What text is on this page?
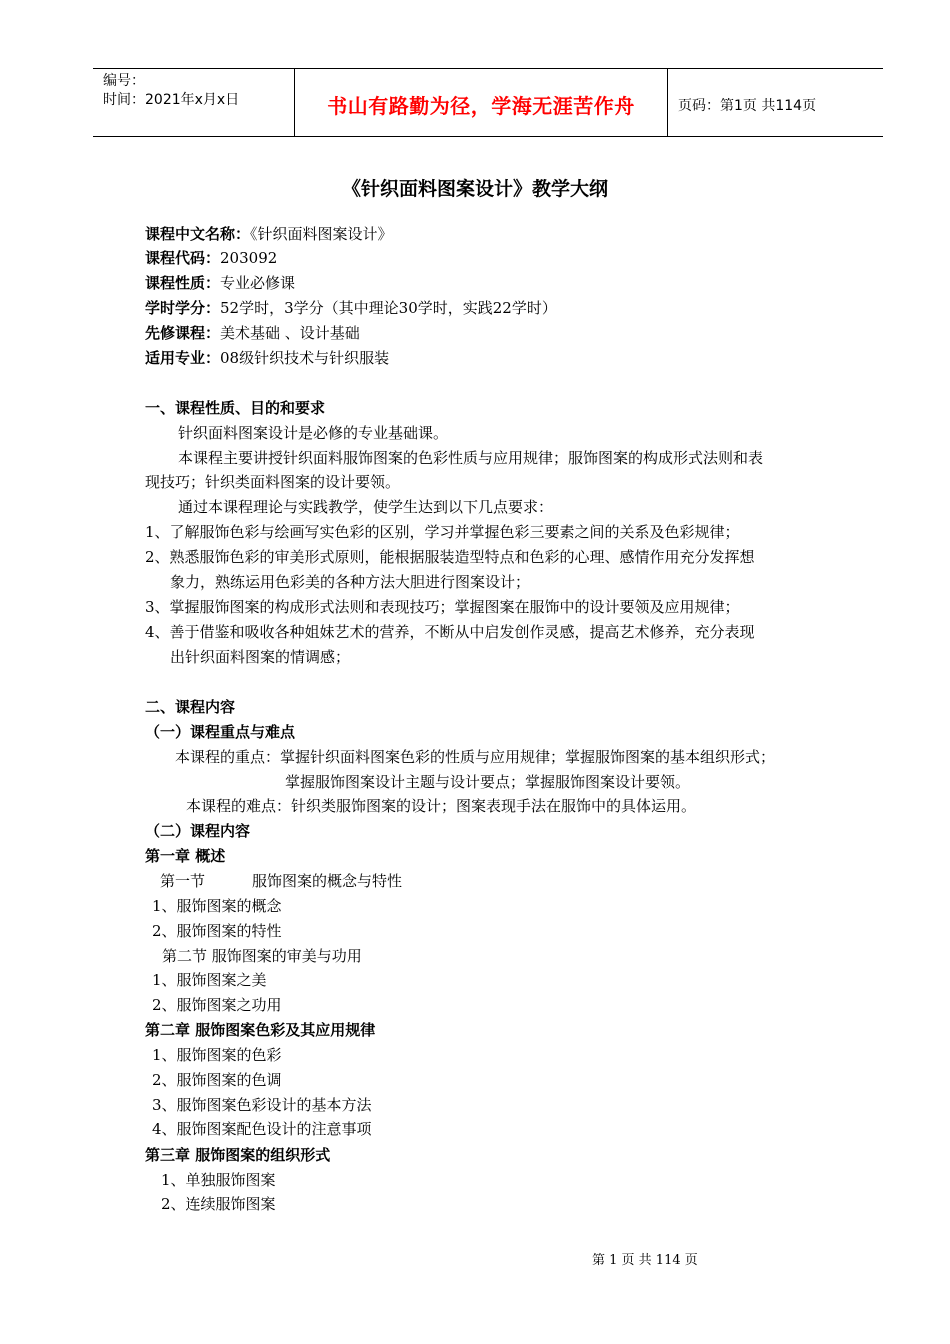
编号：
时间：2021年x月x日	书山有路勤为径，学海无涯苦作舟	页码：第1页 共114页
《针织面料图案设计》教学大纲
课程中文名称：《针织面料图案设计》
课程代码：203092
课程性质：专业必修课
学时学分：52学时，3学分（其中理论30学时，实践22学时）
先修课程：美术基础 、设计基础
适用专业：08级针织技术与针织服装
一、课程性质、目的和要求
针织面料图案设计是必修的专业基础课。
本课程主要讲授针织面料服饰图案的色彩性质与应用规律；服饰图案的构成形式法则和表
现技巧；针织类面料图案的设计要领。
通过本课程理论与实践教学，使学生达到以下几点要求：
1、了解服饰色彩与绘画写实色彩的区别，学习并掌握色彩三要素之间的关系及色彩规律；
2、熟悉服饰色彩的审美形式原则，能根据服装造型特点和色彩的心理、感情作用充分发挥想
象力，熟练运用色彩美的各种方法大胆进行图案设计；
3、掌握服饰图案的构成形式法则和表现技巧；掌握图案在服饰中的设计要领及应用规律；
4、善于借鉴和吸收各种姐妹艺术的营养，不断从中启发创作灵感，提高艺术修养，充分表现
出针织面料图案的情调感；
二、课程内容
（一）课程重点与难点
本课程的重点：掌握针织面料图案色彩的性质与应用规律；掌握服饰图案的基本组织形式；
掌握服饰图案设计主题与设计要点；掌握服饰图案设计要领。
本课程的难点：针织类服饰图案的设计；图案表现手法在服饰中的具体运用。
（二）课程内容
第一章 概述
第一节	服饰图案的概念与特性
1、服饰图案的概念
2、服饰图案的特性
第二节 服饰图案的审美与功用
1、服饰图案之美
2、服饰图案之功用
第二章 服饰图案色彩及其应用规律
1、服饰图案的色彩
2、服饰图案的色调
3、服饰图案色彩设计的基本方法
4、服饰图案配色设计的注意事项
第三章 服饰图案的组织形式
1、单独服饰图案
2、连续服饰图案
第 1 页 共 114 页
